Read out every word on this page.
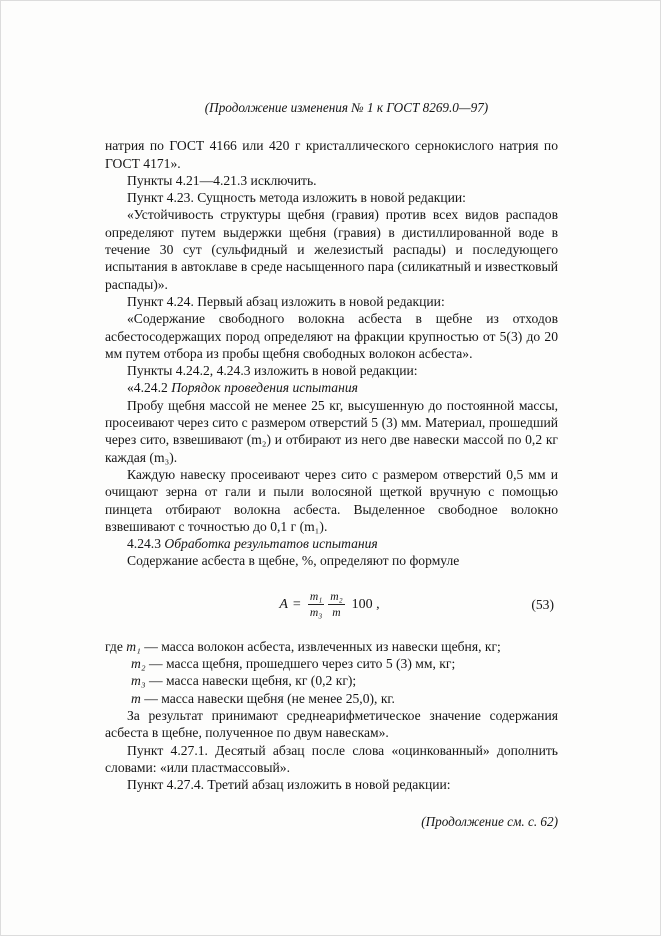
(Продолжение изменения № 1 к ГОСТ 8269.0—97)

натрия по ГОСТ 4166 или 420 г кристаллического сернокислого натрия по ГОСТ 4171».

Пункты 4.21—4.21.3 исключить.

Пункт 4.23. Сущность метода изложить в новой редакции:

«Устойчивость структуры щебня (гравия) против всех видов распадов определяют путем выдержки щебня (гравия) в дистиллированной воде в течение 30 сут (сульфидный и железистый распады) и последующего испытания в автоклаве в среде насыщенного пара (силикатный и известковый распады)».

Пункт 4.24. Первый абзац изложить в новой редакции:

«Содержание свободного волокна асбеста в щебне из отходов асбестосодержащих пород определяют на фракции крупностью от 5(3) до 20 мм путем отбора из пробы щебня свободных волокон асбеста».

Пункты 4.24.2, 4.24.3 изложить в новой редакции:

«4.24.2 Порядок проведения испытания

Пробу щебня массой не менее 25 кг, высушенную до постоянной массы, просеивают через сито с размером отверстий 5 (3) мм. Материал, прошедший через сито, взвешивают (m₂) и отбирают из него две навески массой по 0,2 кг каждая (m₃).

Каждую навеску просеивают через сито с размером отверстий 0,5 мм и очищают зерна от гали и пыли волосяной щеткой вручную с помощью пинцета отбирают волокна асбеста. Выделенное свободное волокно взвешивают с точностью до 0,1 г (m₁).

4.24.3 Обработка результатов испытания

Содержание асбеста в щебне, %, определяют по формуле

$A = \frac{\text{m₁}}{\text{m₃}} \frac{\text{m₂}}{m} 100$ ,	(53)

где m₁ — масса волокон асбеста, извлеченных из навески щебня, кг;

m₂ — масса щебня, прошедшего через сито 5 (3) мм, кг;

m₃ — масса навески щебня, кг (0,2 кг);

m — масса навески щебня (не менее 25,0), кг.

За результат принимают среднеарифметическое значение содержания асбеста в щебне, полученное по двум навескам».

Пункт 4.27.1. Десятый абзац после слова «оцинкованный» дополнить словами: «или пластмассовый».

Пункт 4.27.4. Третий абзац изложить в новой редакции:

(Продолжение см. с. 62)
